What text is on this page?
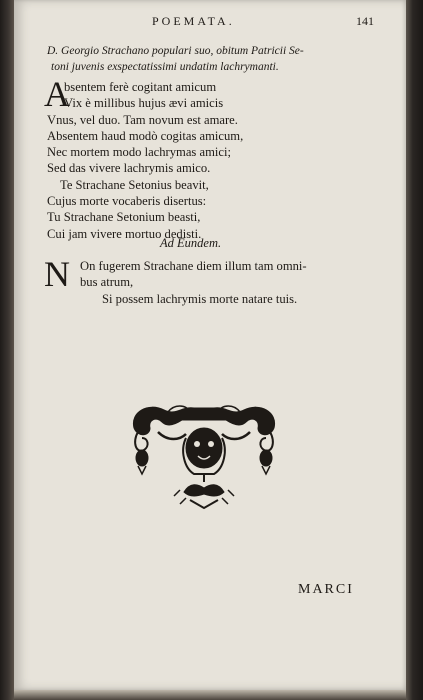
POEMATA.	141
D. Georgio Strachano populari suo, obitum Patricii Se-
toni juvenis exspectatissimi undatim lachrymanti.
A
bsentem ferè cogitant amicum
Vix è millibus hujus ævi amicis
Vnus, vel duo. Tam novum est amare.
Absentem haud modò cogitas amicum,
Nec mortem modo lachrymas amici;
Sed das vivere lachrymis amico.
Te Strachane Setonius beavit,
Cujus morte vocaberis disertus:
Tu Strachane Setonium beasti,
Cui jam vivere mortuo dedisti.
Ad Eundem.
N On fugerem Strachane diem illum tam omni-
bus atrum,
Si possem lachrymis morte natare tuis.
MARCI
